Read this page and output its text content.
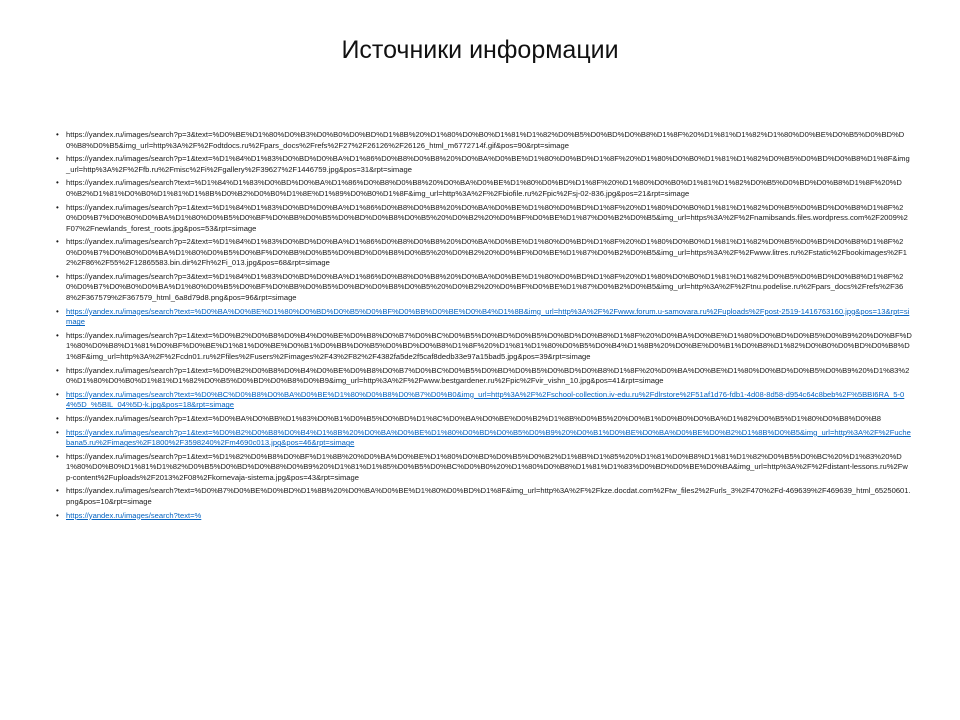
Источники информации
• https://yandex.ru/images/search?p=3&text=%D0%BE%D1%80%D0%B3%D0%B0%D0%BD%D1%8B%20%D1%80%D0%B0%D1%81%D1%82%D0%B5%D0%BD%D0%B8%D1%8F%20%D1%81%D1%82%D1%80%D0%BE%D0%B5%D0%BD%D0%B8%D0%B5&img_url=http%3A%2F%2Fodtdocs.ru%2Fpars_docs%2Frefs%2F27%2F26126%2F26126_html_m6772714f.gif&pos=90&rpt=simage
• https://yandex.ru/images/search?p=1&text=%D1%84%D1%83%D0%BD%D0%BA%D1%86%D0%B8%D0%B8%20%D0%BA%D0%BE%D1%80%D0%BD%D1%8F%20%D1%80%D0%B0%D1%81%D1%82%D0%B5%D0%BD%D0%B8%D1%8F&img_url=http%3A%2F%2Ffb.ru%2Fmisc%2Fi%2Fgallery%2F39627%2F1446759.jpg&pos=31&rpt=simage
• https://yandex.ru/images/search?text=%D1%84%D1%83%D0%BD%D0%BA%D1%86%D0%B8%D0%B8%20%D0%BA%D0%BE%D1%80%D0%BD%D1%8F%20%D1%80%D0%B0%D1%81%D1%82%D0%B5%D0%BD%D0%B8%D1%8F%20%D0%B2%D1%81%D0%B0%D1%81%D1%8B%D0%B2%D0%B0%D1%8E%D1%89%D0%B0%D1%8F&img_url=http%3A%2F%2Fbiofile.ru%2Fpic%2Fsj-02-836.jpg&pos=21&rpt=simage
• https://yandex.ru/images/search?p=1&text=%D1%84%D1%83%D0%BD%D0%BA%D1%86%D0%B8%D0%B8%20%D0%BA%D0%BE%D1%80%D0%BD%D1%8F%20%D1%80%D0%B0%D1%81%D1%82%D0%B5%D0%BD%D0%B8%D1%8F%20%D0%B7%D0%B0%D0%BA%D1%80%D0%B5%D0%BF%D0%BB%D0%B5%D0%BD%D0%B8%D0%B5%20%D0%B2%20%D0%BF%D0%BE%D1%87%D0%B2%D0%B5&img_url=https%3A%2F%2Fnamibsands.files.wordpress.com%2F2009%2F07%2Fnewlands_forest_roots.jpg&pos=53&rpt=simage
• https://yandex.ru/images/search?p=2&text=%D1%84%D1%83%D0%BD%D0%BA%D1%86%D0%B8%D0%B8%20%D0%BA%D0%BE%D1%80%D0%BD%D1%8F%20%D1%80%D0%B0%D1%81%D1%82%D0%B5%D0%BD%D0%B8%D1%8F%20%D0%B7%D0%B0%D0%BA%D1%80%D0%B5%D0%BF%D0%BB%D0%B5%D0%BD%D0%B8%D0%B5%20%D0%B2%20%D0%BF%D0%BE%D1%87%D0%B2%D0%B5&img_url=https%3A%2F%2Fwww.litres.ru%2Fstatic%2Fbookimages%2F12%2F86%2F55%2F12865583.bin.dir%2Fh%2Fi_013.jpg&pos=68&rpt=simage
• https://yandex.ru/images/search?p=3&text=%D1%84%D1%83%D0%BD%D0%BA%D1%86%D0%B8%D0%B8%20%D0%BA%D0%BE%D1%80%D0%BD%D1%8F%20%D1%80%D0%B0%D1%81%D1%82%D0%B5%D0%BD%D0%B8%D1%8F%20%D0%B7%D0%B0%D0%BA%D1%80%D0%B5%D0%BF%D0%BB%D0%B5%D0%BD%D0%B8%D0%B5%20%D0%B2%20%D0%BF%D0%BE%D1%87%D0%B2%D0%B5&img_url=http%3A%2F%2Ftnu.podelise.ru%2Fpars_docs%2Frefs%2F368%2F367579%2F367579_html_6a8d79d8.png&pos=96&rpt=simage
• https://yandex.ru/images/search?text=%D0%BA%D0%BE%D1%80%D0%BD%D0%B5%D0%BF%D0%BB%D0%BE%D0%B4%D1%8B&img_url=http%3A%2F%2Fwww.forum.u-samovara.ru%2Fuploads%2Fpost-2519-1416763160.jpg&pos=13&rpt=simage
• https://yandex.ru/images/search?p=1&text=%D0%B2%D0%B8%D0%B4%D0%BE%D0%B8%D0%B7%D0%BC%D0%B5%D0%BD%D0%B5%D0%BD%D0%B8%D1%8F%20%D0%BA%D0%BE%D1%80%D0%BD%D0%B5%D0%B9%20%D0%BF%D1%80%D0%B8%D1%81%D0%BF%D0%BE%D1%81%D0%BE%D0%B1%D0%BB%D0%B5%D0%BD%D0%B8%D1%8F%20%D1%81%D1%80%D0%B5%D0%B4%D1%8B%20%D0%BE%D0%B1%D0%B8%D1%82%D0%B0%D0%BD%D0%B8%D1%8F&img_url=http%3A%2F%2Fcdn01.ru%2Ffiles%2Fusers%2Fimages%2F43%2F82%2F4382fa5de2f5caf8dedb33e97a15bad5.jpg&pos=39&rpt=simage
• https://yandex.ru/images/search?p=1&text=%D0%B2%D0%B8%D0%B4%D0%BE%D0%B8%D0%B7%D0%BC%D0%B5%D0%BD%D0%B5%D0%BD%D0%B8%D1%8F%20%D0%BA%D0%BE%D1%80%D0%BD%D0%B5%D0%B9%20%D1%83%20%D1%80%D0%B0%D1%81%D1%82%D0%B5%D0%BD%D0%B8%D0%B9&img_url=http%3A%2F%2Fwww.bestgardener.ru%2Fpic%2Fvir_vishn_10.jpg&pos=41&rpt=simage
• https://yandex.ru/images/search?text=%D0%BC%D0%B8%D0%BA%D0%BE%D1%80%D0%B8%D0%B7%D0%B0&img_url=http%3A%2F%2Fschool-collection.iv-edu.ru%2Fdlrstore%2F51af1d76-fdb1-4d08-8d58-d954c64c8beb%2F%5BBI6RA_5-04%5D_%5BIL_04%5D-k.jpg&pos=18&rpt=simage
• https://yandex.ru/images/search?p=1&text=%D0%BA%D0%BB%D1%83%D0%B1%D0%B5%D0%BD%D1%8C%D0%BA%D0%BE%D0%B2%D1%8B%D0%B5%20%D0%B1%D0%B0%D0%BA%D1%82%D0%B5%D1%80%D0%B8%D0%B8
• https://yandex.ru/images/search?p=1&text=%D0%B2%D0%B8%D0%B4%D1%8B%20%D0%BA%D0%BE%D1%80%D0%BD%D0%B5%D0%B9%20%D0%B1%D0%BE%D0%BA%D0%BE%D0%B2%D1%8B%D0%B5&img_url=http%3A%2F%2Fuchebana5.ru%2Fimages%2F1800%2F3598240%2Fm4690c013.jpg&pos=46&rpt=simage
• https://yandex.ru/images/search?p=1&text=%D1%82%D0%B8%D0%BF%D1%8B%20%D0%BA%D0%BE%D1%80%D0%BD%D0%B5%D0%B2%D1%8B%D1%85%20%D1%81%D0%B8%D1%81%D1%82%D0%B5%D0%BC%20%D1%83%20%D1%80%D0%B0%D1%81%D1%82%D0%B5%D0%BD%D0%B8%D0%B9%20%D1%81%D1%85%D0%B5%D0%BC%D0%B0%20%D1%80%D0%B8%D1%81%D1%83%D0%BD%D0%BE%D0%BA&img_url=http%3A%2F%2Fdistant-lessons.ru%2Fwp-content%2Fuploads%2F2013%2F08%2Fkornevaja-sistema.jpg&pos=43&rpt=simage
• https://yandex.ru/images/search?text=%D0%B7%D0%BE%D0%BD%D1%8B%20%D0%BA%D0%BE%D1%80%D0%BD%D1%8F&img_url=http%3A%2F%2Fkze.docdat.com%2Ftw_files2%2Furls_3%2F470%2Fd-469639%2F469639_html_65250601.png&pos=10&rpt=simage
• https://yandex.ru/images/search?text=%
